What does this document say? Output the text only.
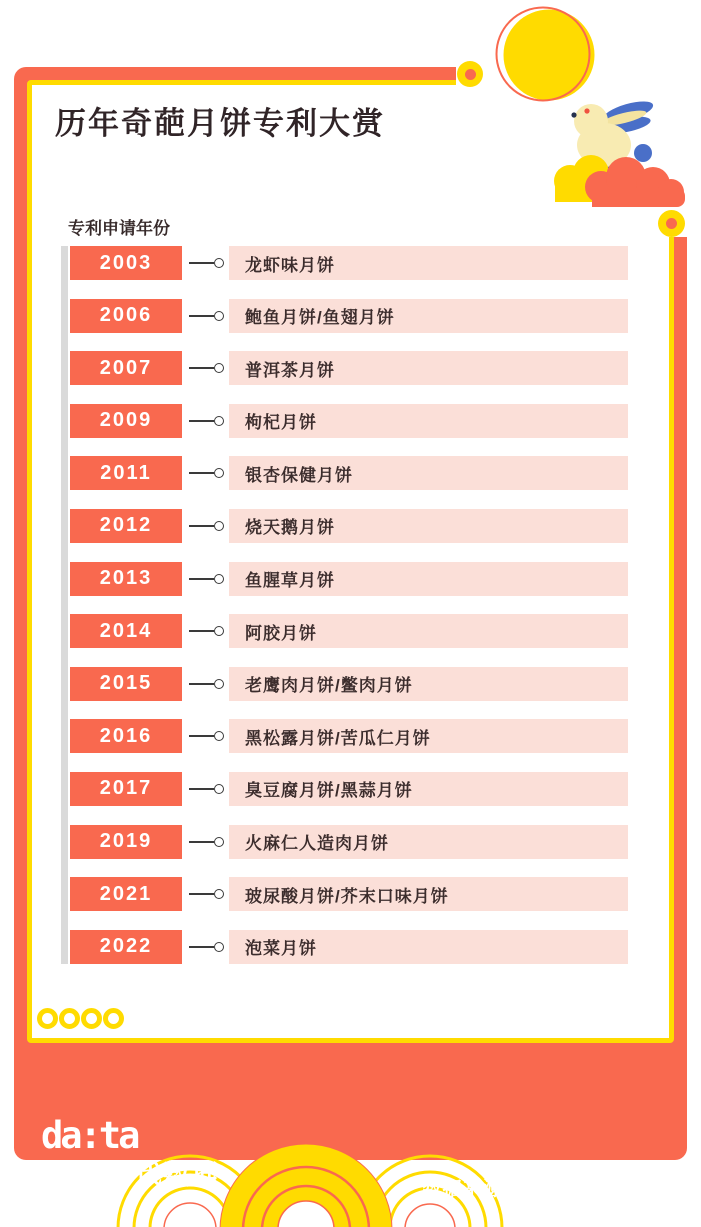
da:ta
gou 时代数据	数据来源 | 时代数据、天眼查
历年奇葩月饼专利大赏
专利申请年份
2003	龙虾味月饼
2006	鲍鱼月饼/鱼翅月饼
2007	普洱茶月饼
2009	枸杞月饼
2011	银杏保健月饼
2012	烧天鹅月饼
2013	鱼腥草月饼
2014	阿胶月饼
2015	老鹰肉月饼/鳖肉月饼
2016	黑松露月饼/苦瓜仁月饼
2017	臭豆腐月饼/黑蒜月饼
2019	火麻仁人造肉月饼
2021	玻尿酸月饼/芥末口味月饼
2022	泡菜月饼
